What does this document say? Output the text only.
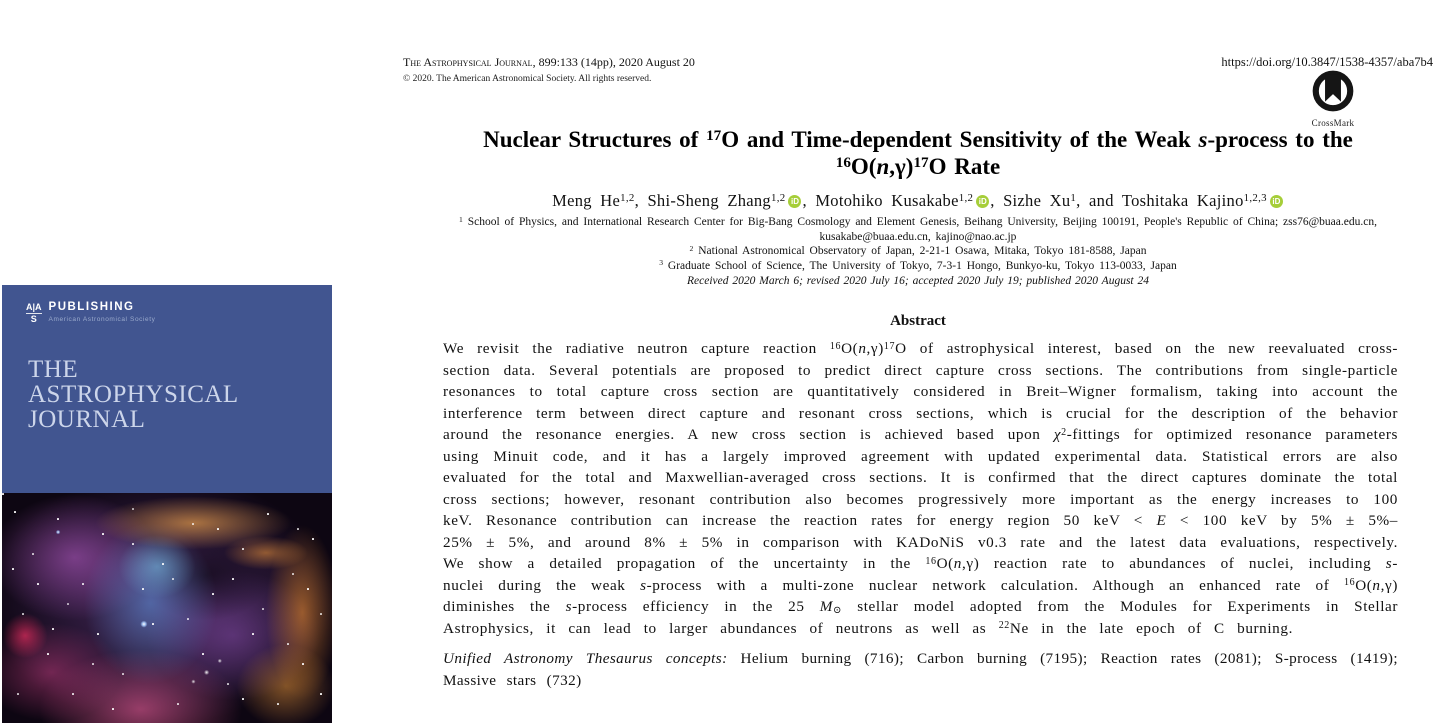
A|A
S
PUBLISHING
American Astronomical Society
THE
ASTROPHYSICAL
JOURNAL
The Astrophysical Journal, 899:133 (14pp), 2020 August 20
© 2020. The American Astronomical Society. All rights reserved.
https://doi.org/10.3847/1538-4357/aba7b4
CrossMark
Nuclear Structures of $^{17}$O and Time-dependent Sensitivity of the Weak s-process to the
$^{16}O(n,\gamma)^{17}O$ Rate
Meng He$^{1,2}$, Shi-Sheng Zhang$^{1,2}$ iD , Motohiko Kusakabe$^{1,2}$ iD , Sizhe Xu$^1$, and Toshitaka Kajino$^{1,2,3}$ iD
$^1$ School of Physics, and International Research Center for Big-Bang Cosmology and Element Genesis, Beihang University, Beijing 100191, People's Republic of China; zss76@buaa.edu.cn, kusakabe@buaa.edu.cn, kajino@nao.ac.jp
$^2$ National Astronomical Observatory of Japan, 2-21-1 Osawa, Mitaka, Tokyo 181-8588, Japan
$^3$ Graduate School of Science, The University of Tokyo, 7-3-1 Hongo, Bunkyo-ku, Tokyo 113-0033, Japan
Received 2020 March 6; revised 2020 July 16; accepted 2020 July 19; published 2020 August 24
Abstract

We revisit the radiative neutron capture reaction $^{16}O(n,\gamma)^{17}O$ of astrophysical interest, based on the new reevaluated cross-section data. Several potentials are proposed to predict direct capture cross sections. The contributions from single-particle resonances to total capture cross section are quantitatively considered in Breit–Wigner formalism, taking into account the interference term between direct capture and resonant cross sections, which is crucial for the description of the behavior around the resonance energies. A new cross section is achieved based upon $\chi^2$-fittings for optimized resonance parameters using Minuit code, and it has a largely improved agreement with updated experimental data. Statistical errors are also evaluated for the total and Maxwellian-averaged cross sections. It is confirmed that the direct captures dominate the total cross sections; however, resonant contribution also becomes progressively more important as the energy increases to 100 keV. Resonance contribution can increase the reaction rates for energy region 50 keV < E < 100 keV by 5% ± 5%–25% ± 5%, and around 8% ± 5% in comparison with KADoNiS v0.3 rate and the latest data evaluations, respectively. We show a detailed propagation of the uncertainty in the $^{16}$O(n,γ) reaction rate to abundances of nuclei, including s-nuclei during the weak s-process with a multi-zone nuclear network calculation. Although an enhanced rate of $^{16}$O(n,γ) diminishes the s-process efficiency in the 25 M⊙ stellar model adopted from the Modules for Experiments in Stellar Astrophysics, it can lead to larger abundances of neutrons as well as $^{22}$Ne in the late epoch of C burning.

Unified Astronomy Thesaurus concepts: Helium burning (716); Carbon burning (7195); Reaction rates (2081); S-process (1419); Massive stars (732)
